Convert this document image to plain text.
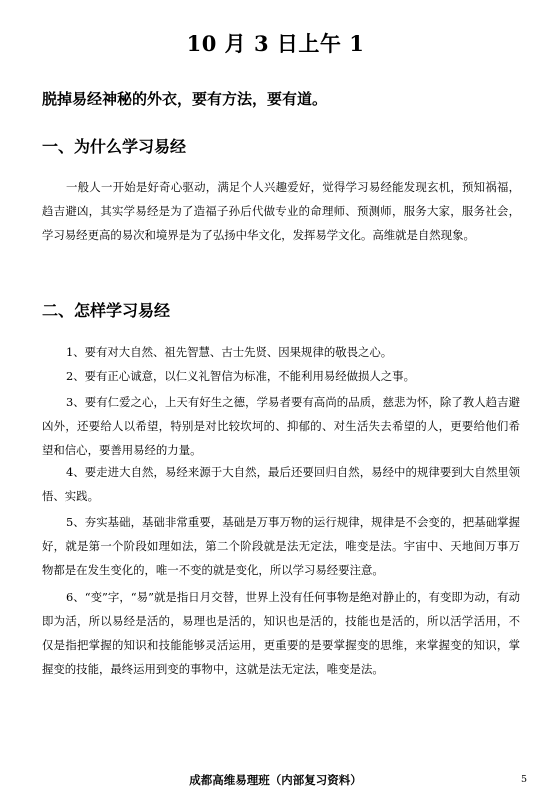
10 月 3 日上午 1
脱掉易经神秘的外衣，要有方法，要有道。
一、为什么学习易经

一般人一开始是好奇心驱动，满足个人兴趣爱好，觉得学习易经能发现玄机，预知祸福，趋吉避凶，其实学易经是为了造福子孙后代做专业的命理师、预测师，服务大家，服务社会，学习易经更高的易次和境界是为了弘扬中华文化，发挥易学文化。高维就是自然现象。

二、怎样学习易经

1、要有对大自然、祖先智慧、古士先贤、因果规律的敬畏之心。

2、要有正心诚意，以仁义礼智信为标准，不能利用易经做损人之事。

3、要有仁爱之心，上天有好生之德，学易者要有高尚的品质，慈悲为怀，除了教人趋吉避凶外，还要给人以希望，特别是对比较坎坷的、抑郁的、对生活失去希望的人，更要给他们希望和信心，要善用易经的力量。

4、要走进大自然，易经来源于大自然，最后还要回归自然，易经中的规律要到大自然里领悟、实践。

5、夯实基础，基础非常重要，基础是万事万物的运行规律，规律是不会变的，把基础掌握好，就是第一个阶段如理如法，第二个阶段就是法无定法，唯变是法。宇宙中、天地间万事万物都是在发生变化的，唯一不变的就是变化，所以学习易经要注意。

6、“变”字，“易”就是指日月交替，世界上没有任何事物是绝对静止的，有变即为动，有动即为活，所以易经是活的，易理也是活的，知识也是活的，技能也是活的，所以活学活用，不仅是指把掌握的知识和技能能够灵活运用，更重要的是要掌握变的思维，来掌握变的知识，掌握变的技能，最终运用到变的事物中，这就是法无定法，唯变是法。

成都高维易理班（内部复习资料）	5
